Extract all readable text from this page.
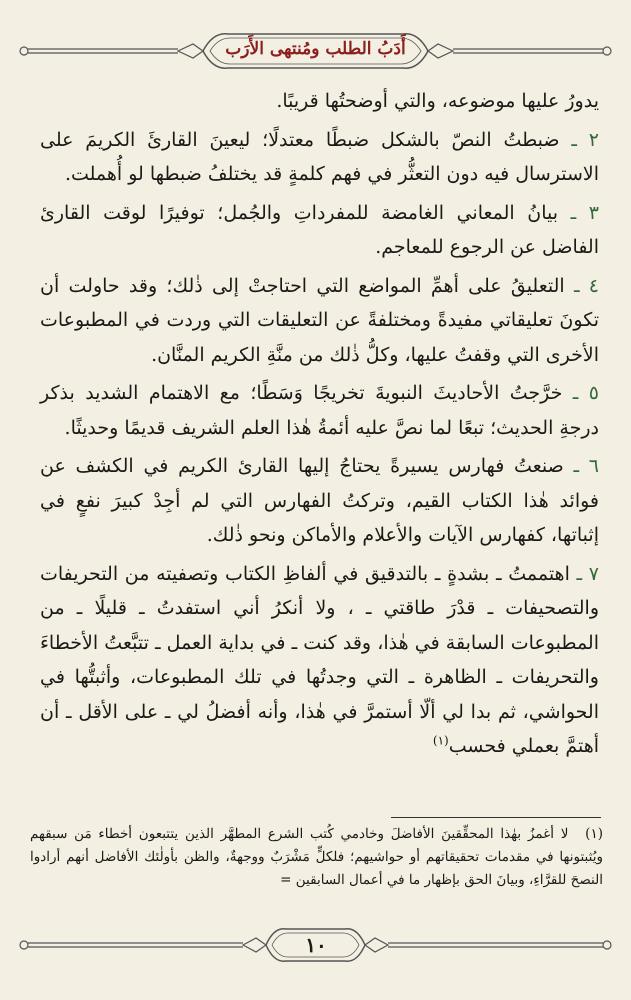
أَدَبُ الطلب ومُنتهى الأَرَب

يدورُ عليها موضوعه، والتي أوضحتُها قريبًا.

٢ ـ ضبطتُ النصّ بالشكل ضبطًا معتدلًا؛ ليعينَ القارئَ الكريمَ على الاسترسال فيه دون التعثُّر في فهم كلمةٍ قد يختلفُ ضبطها لو أُهملت.

٣ ـ بيانُ المعاني الغامضة للمفرداتِ والجُمل؛ توفيرًا لوقت القارئ الفاضل عن الرجوع للمعاجم.

٤ ـ التعليقُ على أهمِّ المواضع التي احتاجتْ إلى ذٰلك؛ وقد حاولت أن تكونَ تعليقاتي مفيدةً ومختلفةً عن التعليقات التي وردت في المطبوعات الأخرى التي وقفتُ عليها، وكلُّ ذٰلك من منَّةِ الكريم المنَّان.

٥ ـ خرَّجتُ الأحاديثَ النبويةَ تخريجًا وَسَطًا؛ مع الاهتمام الشديد بذكر درجةِ الحديث؛ تبعًا لما نصَّ عليه أئمةُ هٰذا العلم الشريف قديمًا وحديثًا.

٦ ـ صنعتُ فهارس يسيرةً يحتاجُ إليها القارئ الكريم في الكشف عن فوائد هٰذا الكتاب القيم، وتركتُ الفهارس التي لم أجِدْ كبيرَ نفعٍ في إثباتها، كفهارس الآيات والأعلام والأماكن ونحو ذٰلك.

٧ ـ اهتممتُ ـ بشدةٍ ـ بالتدقيق في ألفاظِ الكتاب وتصفيته من التحريفات والتصحيفات ـ قدْرَ طاقتي ـ ، ولا أنكرُ أني استفدتُ ـ قليلًا ـ من المطبوعات السابقة في هٰذا، وقد كنت ـ في بداية العمل ـ تتبَّعتُ الأخطاءَ والتحريفات ـ الظاهرة ـ التي وجدتُها في تلك المطبوعات، وأثبتُّها في الحواشي، ثم بدا لي ألّا أستمرَّ في هٰذا، وأنه أفضلُ لي ـ على الأقل ـ أن أهتمَّ بعملي فحسب$^{(١)}$

(١) لا أغمزُ بهٰذا المحقِّقينَ الأفاضلَ وخادمي كُتب الشرع المطهَّر الذين يتتبعون أخطاء مَن سبقهم ويُثبتونها في مقدمات تحقيقاتهم أو حواشيهم؛ فلكلٍّ مَشْرَبٌ ووجهةٌ، والظن بأولٰئك الأفاضل أنهم أرادوا النصحَ للقرَّاءِ، وبيانَ الحق بإظهار ما في أعمال السابقين =
١٠
